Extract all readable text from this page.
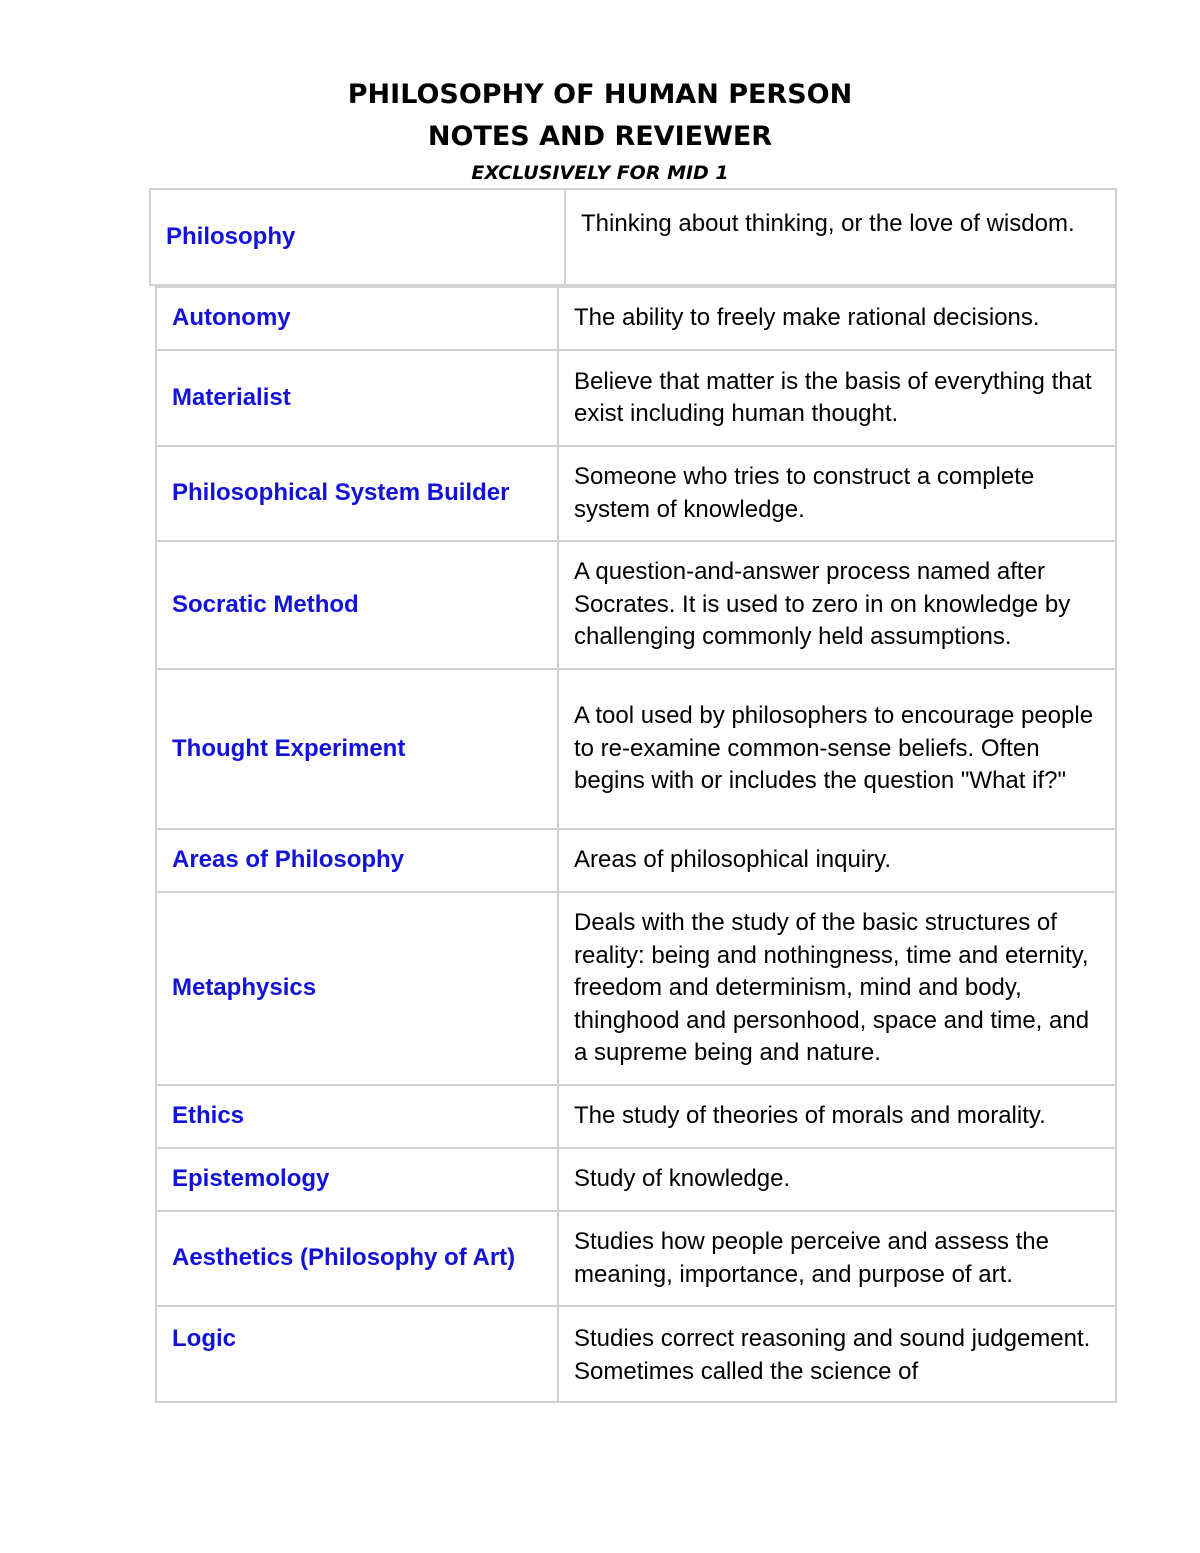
PHILOSOPHY OF HUMAN PERSON
NOTES AND REVIEWER
EXCLUSIVELY FOR MID 1
Philosophy	Thinking about thinking, or the love of wisdom.
Autonomy	The ability to freely make rational decisions.
Materialist	Believe that matter is the basis of everything that exist including human thought.
Philosophical System Builder	Someone who tries to construct a complete system of knowledge.
Socratic Method	A question-and-answer process named after Socrates. It is used to zero in on knowledge by challenging commonly held assumptions.
Thought Experiment	A tool used by philosophers to encourage people to re-examine common-sense beliefs. Often begins with or includes the question "What if?"
Areas of Philosophy	Areas of philosophical inquiry.
Metaphysics	Deals with the study of the basic structures of reality: being and nothingness, time and eternity, freedom and determinism, mind and body, thinghood and personhood, space and time, and a supreme being and nature.
Ethics	The study of theories of morals and morality.
Epistemology	Study of knowledge.
Aesthetics (Philosophy of Art)	Studies how people perceive and assess the meaning, importance, and purpose of art.
Logic	Studies correct reasoning and sound judgement. Sometimes called the science of
